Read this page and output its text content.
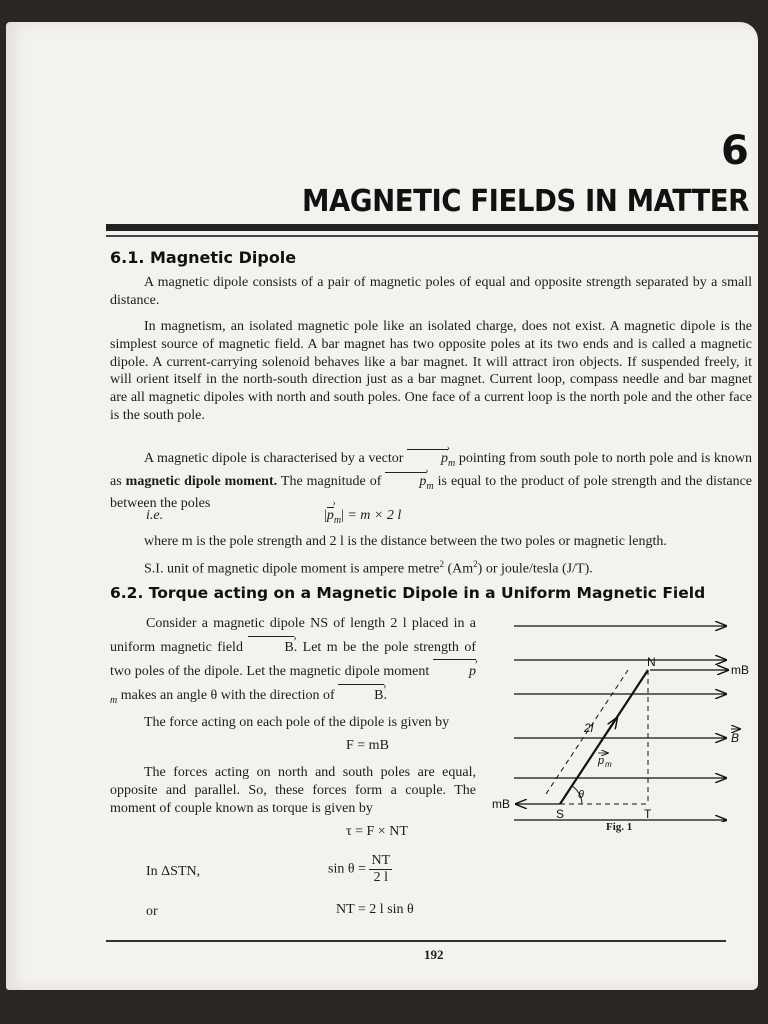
6
MAGNETIC FIELDS IN MATTER
6.1. Magnetic Dipole
A magnetic dipole consists of a pair of magnetic poles of equal and opposite strength separated by a small distance.
In magnetism, an isolated magnetic pole like an isolated charge, does not exist. A magnetic dipole is the simplest source of magnetic field. A bar magnet has two opposite poles at its two ends and is called a magnetic dipole. A current-carrying solenoid behaves like a bar magnet. It will attract iron objects. If suspended freely, it will orient itself in the north-south direction just as a bar magnet. Current loop, compass needle and bar magnet are all magnetic dipoles with north and south poles. One face of a current loop is the north pole and the other face is the south pole.
A magnetic dipole is characterised by a vector	p $›_m$ pointing from south pole to north pole and is known as magnetic dipole moment. The magnitude of	p $›_m$ is equal to the product of pole strength and the distance between the poles
i.e.	|p $›_m| = m \times 2$ l
where m is the pole strength and 2 l is the distance between the two poles or magnetic length.
S.I. unit of magnetic dipole moment is ampere metre$^2$ (Am$^2$) or joule/tesla (J/T).
6.2. Torque acting on a Magnetic Dipole in a Uniform Magnetic Field
Consider a magnetic dipole NS of length 2 l placed in a uniform magnetic field	B ›. Let m be the pole strength of two poles of the dipole. Let the magnetic dipole moment	p $›_m$ makes an angle θ with the direction of	B ›.
The force acting on each pole of the dipole is given by
F = mB
The forces acting on north and south poles are equal, opposite and parallel. So, these forces form a couple. The moment of couple known as torque is given by
τ = F × NT
In ΔSTN,	$\sin \theta = \frac{NT}{2 l}$
or	NT = 2 l sin θ
N
S	T
mB
mB
B
2l
p m
θ
Fig. 1
192
